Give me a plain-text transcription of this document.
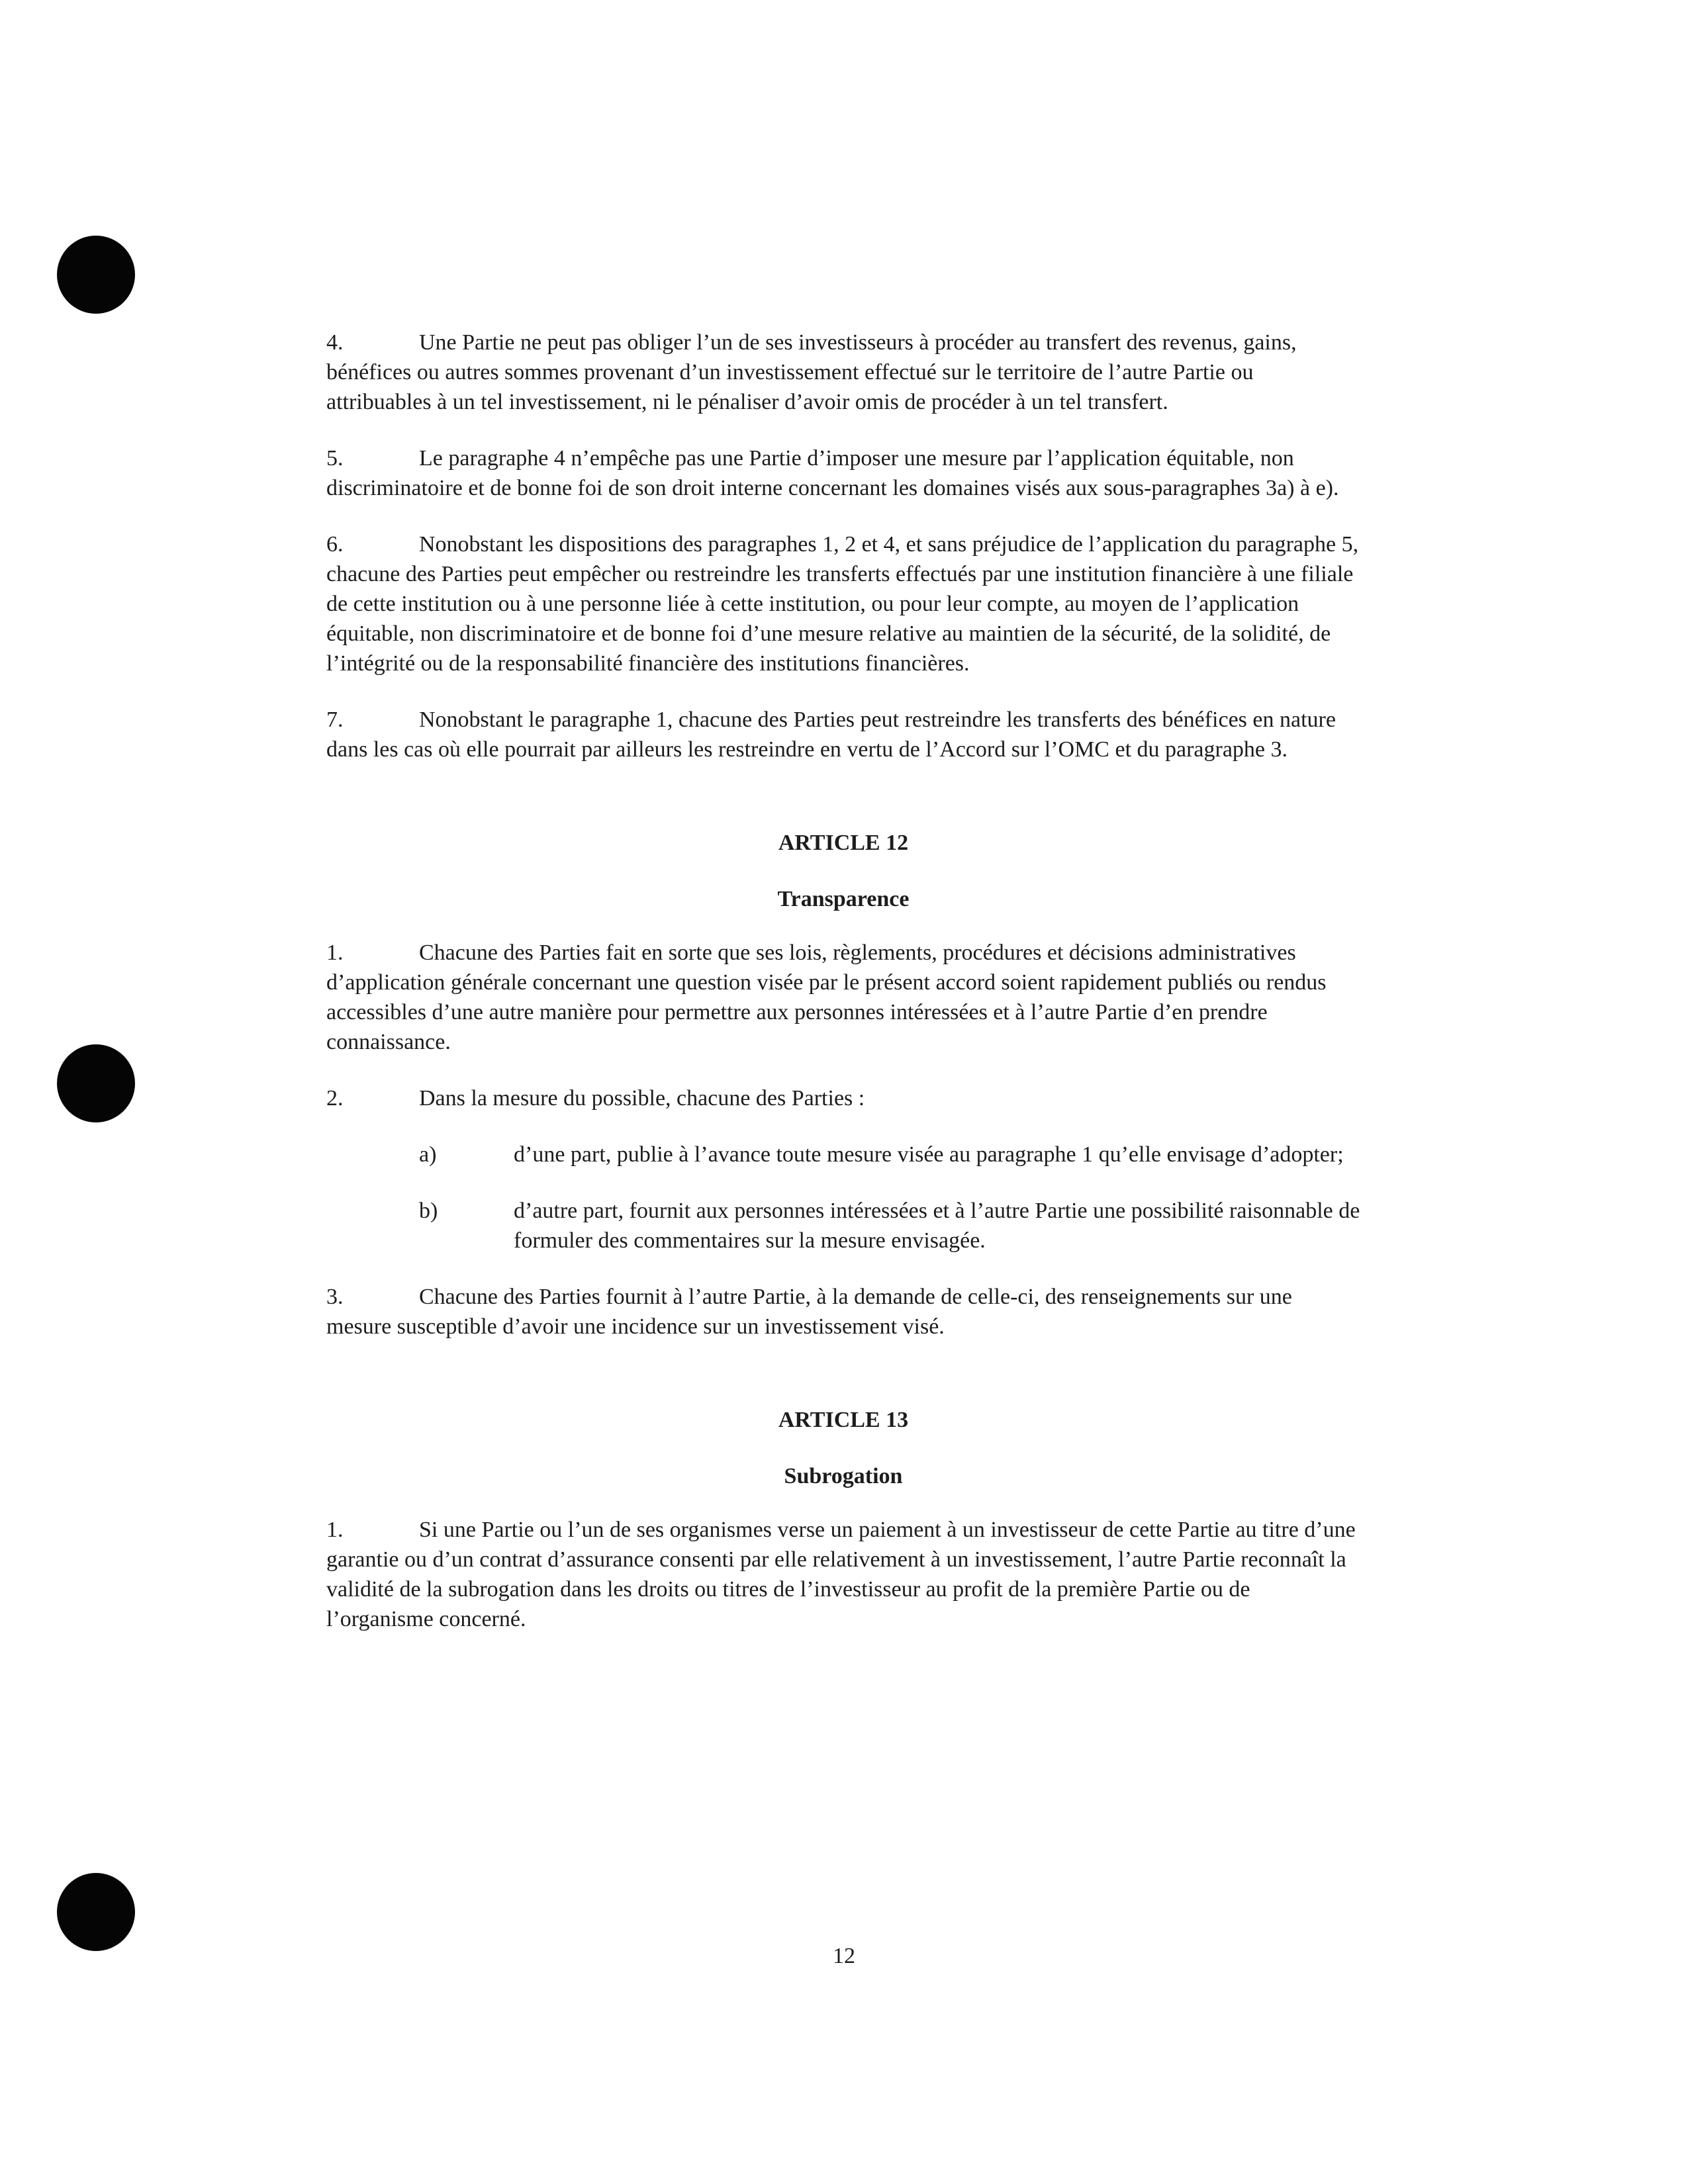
4.	Une Partie ne peut pas obliger l’un de ses investisseurs à procéder au transfert des revenus, gains, bénéfices ou autres sommes provenant d’un investissement effectué sur le territoire de l’autre Partie ou attribuables à un tel investissement, ni le pénaliser d’avoir omis de procéder à un tel transfert.

5.	Le paragraphe 4 n’empêche pas une Partie d’imposer une mesure par l’application équitable, non discriminatoire et de bonne foi de son droit interne concernant les domaines visés aux sous-paragraphes 3a) à e).

6.	Nonobstant les dispositions des paragraphes 1, 2 et 4, et sans préjudice de l’application du paragraphe 5, chacune des Parties peut empêcher ou restreindre les transferts effectués par une institution financière à une filiale de cette institution ou à une personne liée à cette institution, ou pour leur compte, au moyen de l’application équitable, non discriminatoire et de bonne foi d’une mesure relative au maintien de la sécurité, de la solidité, de l’intégrité ou de la responsabilité financière des institutions financières.

7.	Nonobstant le paragraphe 1, chacune des Parties peut restreindre les transferts des bénéfices en nature dans les cas où elle pourrait par ailleurs les restreindre en vertu de l’Accord sur l’OMC et du paragraphe 3.

ARTICLE 12

Transparence

1.	Chacune des Parties fait en sorte que ses lois, règlements, procédures et décisions administratives d’application générale concernant une question visée par le présent accord soient rapidement publiés ou rendus accessibles d’une autre manière pour permettre aux personnes intéressées et à l’autre Partie d’en prendre connaissance.

2.	Dans la mesure du possible, chacune des Parties :

a)	d’une part, publie à l’avance toute mesure visée au paragraphe 1 qu’elle envisage d’adopter;
b)	d’autre part, fournit aux personnes intéressées et à l’autre Partie une possibilité raisonnable de formuler des commentaires sur la mesure envisagée.

3.	Chacune des Parties fournit à l’autre Partie, à la demande de celle-ci, des renseignements sur une mesure susceptible d’avoir une incidence sur un investissement visé.

ARTICLE 13

Subrogation

1.	Si une Partie ou l’un de ses organismes verse un paiement à un investisseur de cette Partie au titre d’une garantie ou d’un contrat d’assurance consenti par elle relativement à un investissement, l’autre Partie reconnaît la validité de la subrogation dans les droits ou titres de l’investisseur au profit de la première Partie ou de l’organisme concerné.

12
